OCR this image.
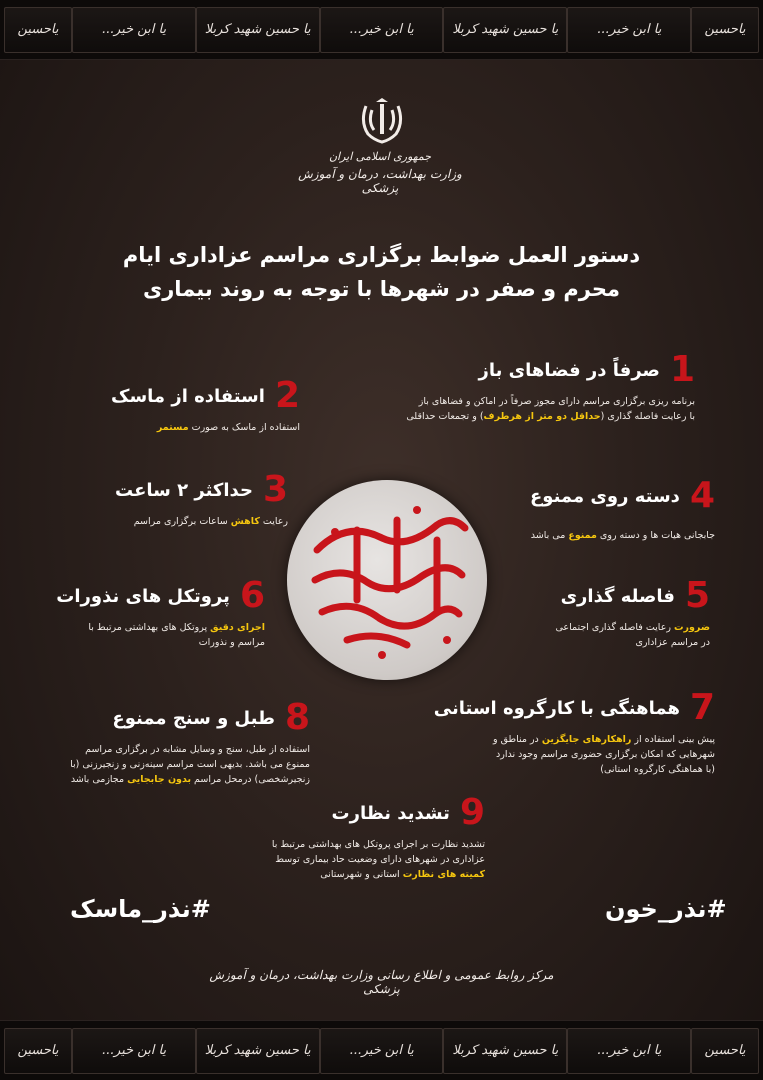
یاحسین
یا ابن خیر...
یا حسین شهید کربلا
یا ابن خیر...
یا حسین شهید کربلا
یا ابن خیر...
یاحسین
جمهوری اسلامی ایران
وزارت بهداشت، درمان و آموزش پزشکی
دستور العمل ضوابط برگزاری مراسم عزاداری ایام
محرم و صفر در شهرها با توجه به روند بیماری
1
صرفاً در فضاهای باز
برنامه ریزی برگزاری مراسم دارای مجوز صرفاً در اماکن و فضاهای باز
با رعایت فاصله گذاری (حداقل دو متر از هرطرف) و تجمعات حداقلی
2
استفاده از ماسک
استفاده از ماسک به صورت مستمر
3
حداکثر ۲ ساعت
رعایت کاهش ساعات برگزاری مراسم
4
دسته روی ممنوع
جابجانی هیات ها و دسته روی ممنوع می باشد
5
فاصله گذاری
ضرورت رعایت فاصله گذاری اجتماعی
در مراسم عزاداری
6
پروتکل های نذورات
اجرای دقیق پروتکل های بهداشتی مرتبط با
مراسم و نذورات
7
هماهنگی با کارگروه استانی
پیش بینی استفاده از راهکارهای جایگزین در مناطق و
شهرهایی که امکان برگزاری حضوری مراسم وجود ندارد
(با هماهنگی کارگروه استانی)
8
طبل و سنج ممنوع
استفاده از طبل، سنج و وسایل مشابه در برگزاری مراسم
ممنوع می باشد. بدیهی است مراسم سینه‌زنی و زنجیرزنی (با
زنجیرشخصی) درمحل مراسم بدون جابجایی مجازمی باشد
9
تشدید نظارت
تشدید نظارت بر اجرای پروتکل های بهداشتی مرتبط با
عزاداری در شهرهای دارای وضعیت حاد بیماری توسط
کمیته های نظارت استانی و شهرستانی
#نذر_ماسک	#نذر_خون
مرکز روابط عمومی و اطلاع رسانی وزارت بهداشت، درمان و آموزش پزشکی
یاحسین
یا ابن خیر...
یا حسین شهید کربلا
یا ابن خیر...
یا حسین شهید کربلا
یا ابن خیر...
یاحسین
